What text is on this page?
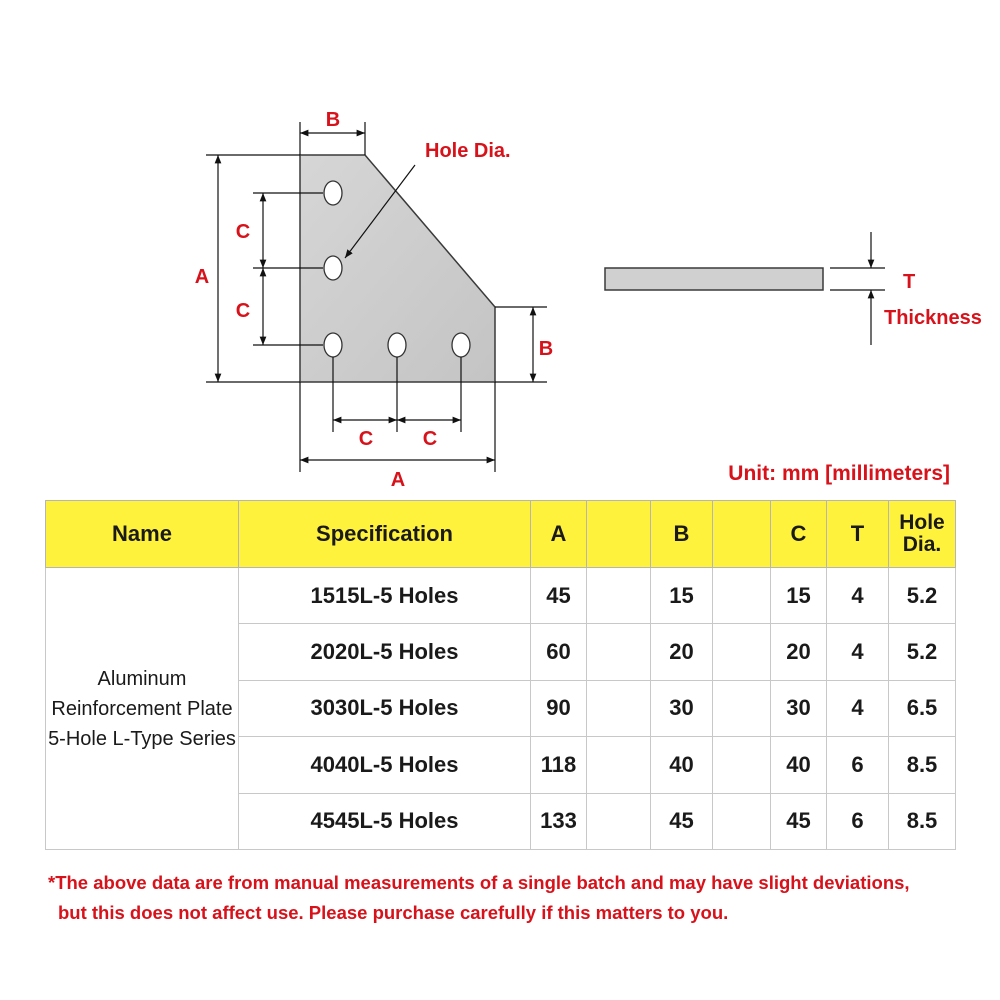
B
Hole Dia.
A
C
C
B
C C
A
T
Thickness
Unit: mm [millimeters]
Name	Specification	A		B		C	T	Hole
Dia.

Aluminum
Reinforcement Plate
5-Hole L-Type Series	1515L-5 Holes	45		15		15	4	5.2
	2020L-5 Holes	60		20		20	4	5.2
	3030L-5 Holes	90		30		30	4	6.5
	4040L-5 Holes	118		40		40	6	8.5
	4545L-5 Holes	133		45		45	6	8.5
*The above data are from manual measurements of a single batch and may have slight deviations,
but this does not affect use. Please purchase carefully if this matters to you.
